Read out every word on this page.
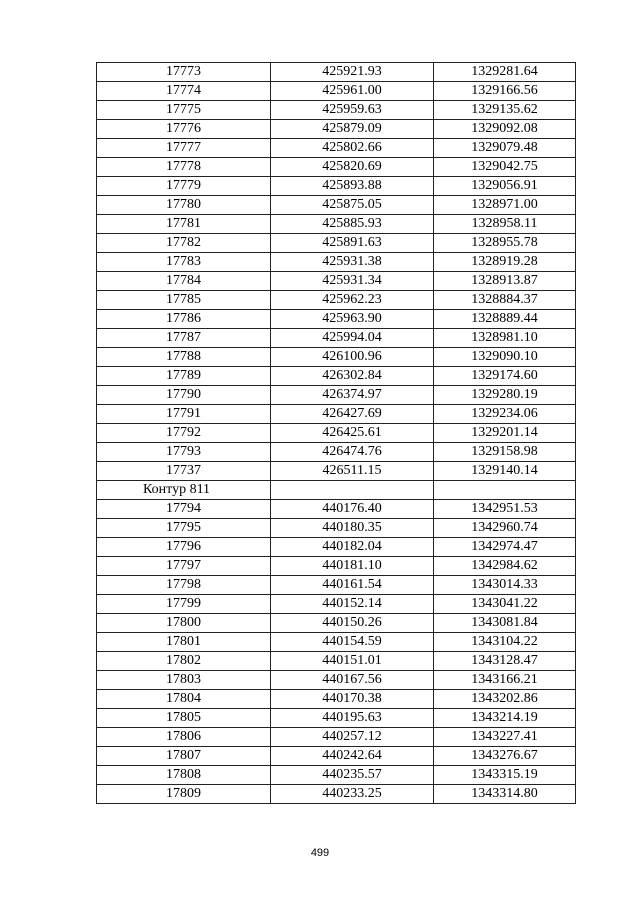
17773	425921.93	1329281.64
17774	425961.00	1329166.56
17775	425959.63	1329135.62
17776	425879.09	1329092.08
17777	425802.66	1329079.48
17778	425820.69	1329042.75
17779	425893.88	1329056.91
17780	425875.05	1328971.00
17781	425885.93	1328958.11
17782	425891.63	1328955.78
17783	425931.38	1328919.28
17784	425931.34	1328913.87
17785	425962.23	1328884.37
17786	425963.90	1328889.44
17787	425994.04	1328981.10
17788	426100.96	1329090.10
17789	426302.84	1329174.60
17790	426374.97	1329280.19
17791	426427.69	1329234.06
17792	426425.61	1329201.14
17793	426474.76	1329158.98
17737	426511.15	1329140.14
Контур 811		
17794	440176.40	1342951.53
17795	440180.35	1342960.74
17796	440182.04	1342974.47
17797	440181.10	1342984.62
17798	440161.54	1343014.33
17799	440152.14	1343041.22
17800	440150.26	1343081.84
17801	440154.59	1343104.22
17802	440151.01	1343128.47
17803	440167.56	1343166.21
17804	440170.38	1343202.86
17805	440195.63	1343214.19
17806	440257.12	1343227.41
17807	440242.64	1343276.67
17808	440235.57	1343315.19
17809	440233.25	1343314.80
499
